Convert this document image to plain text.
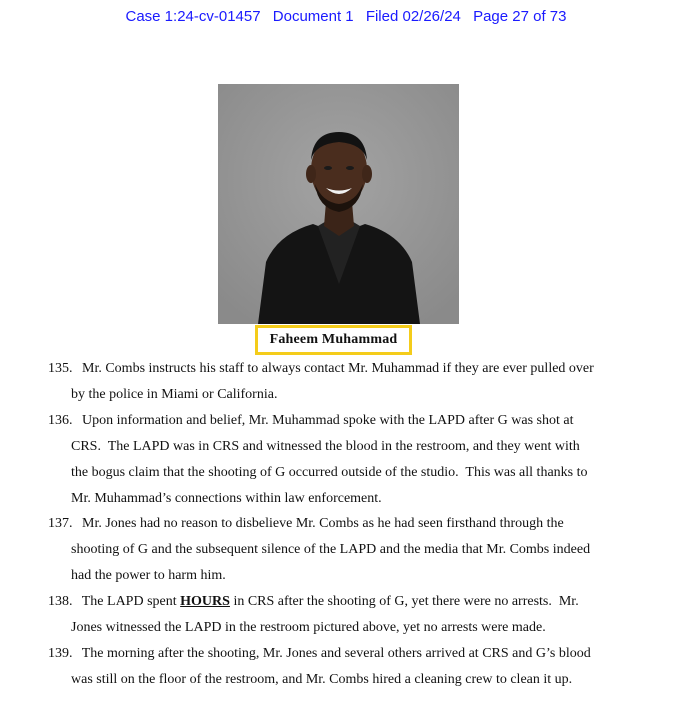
Case 1:24-cv-01457 Document 1 Filed 02/26/24 Page 27 of 73
Faheem Muhammad
135. Mr. Combs instructs his staff to always contact Mr. Muhammad if they are ever pulled over
by the police in Miami or California.
136. Upon information and belief, Mr. Muhammad spoke with the LAPD after G was shot at
CRS.  The LAPD was in CRS and witnessed the blood in the restroom, and they went with
the bogus claim that the shooting of G occurred outside of the studio.  This was all thanks to
Mr. Muhammad’s connections within law enforcement.
137. Mr. Jones had no reason to disbelieve Mr. Combs as he had seen firsthand through the
shooting of G and the subsequent silence of the LAPD and the media that Mr. Combs indeed
had the power to harm him.
138. The LAPD spent HOURS in CRS after the shooting of G, yet there were no arrests.  Mr.
Jones witnessed the LAPD in the restroom pictured above, yet no arrests were made.
139. The morning after the shooting, Mr. Jones and several others arrived at CRS and G’s blood
was still on the floor of the restroom, and Mr. Combs hired a cleaning crew to clean it up.
